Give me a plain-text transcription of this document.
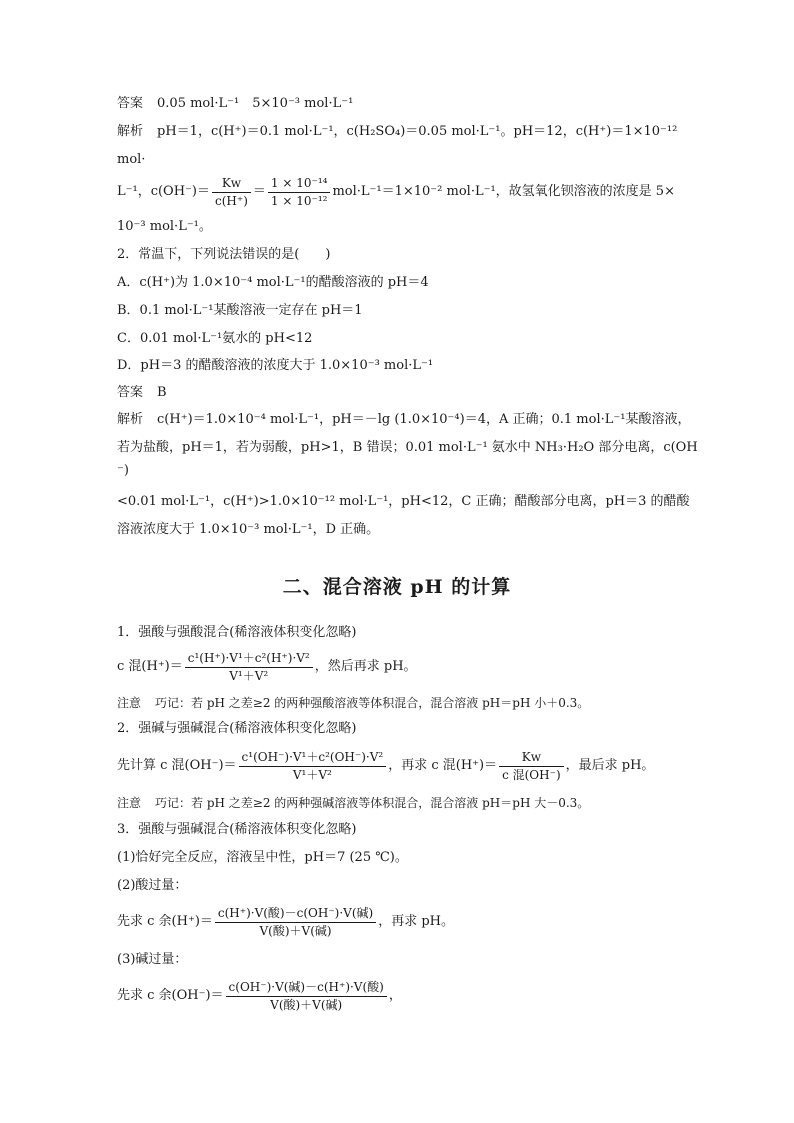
答案 0.05 mol·L⁻¹　5×10⁻³ mol·L⁻¹
解析 pH＝1，c(H⁺)＝0.1 mol·L⁻¹，c(H₂SO₄)＝0.05 mol·L⁻¹。pH＝12，c(H⁺)＝1×10⁻¹²
mol·
L⁻¹，$c(OH^-)= \frac{Kw}{c(H^+)} = \frac{\text{1 × 10⁻¹⁴}}{\text{1 × 10⁻¹²}} mol\cdot L^{-1}=1\times 10^{-2}$ mol·L⁻¹，故氢氧化钡溶液的浓度是 5×
10⁻³ mol·L⁻¹。
2．常温下，下列说法错误的是(　　)
A．c(H⁺)为 1.0×10⁻⁴ mol·L⁻¹的醋酸溶液的 pH＝4
B．0.1 mol·L⁻¹某酸溶液一定存在 pH＝1
C．0.01 mol·L⁻¹氨水的 pH<12
D．pH＝3 的醋酸溶液的浓度大于 1.0×10⁻³ mol·L⁻¹
答案 B
解析 c(H⁺)＝1.0×10⁻⁴ mol·L⁻¹，pH＝－lg (1.0×10⁻⁴)＝4，A 正确；0.1 mol·L⁻¹某酸溶液，
若为盐酸，pH＝1，若为弱酸，pH>1，B 错误；0.01 mol·L⁻¹ 氨水中 NH₃·H₂O 部分电离，c(OH
⁻)
<0.01 mol·L⁻¹，c(H⁺)>1.0×10⁻¹² mol·L⁻¹，pH<12，C 正确；醋酸部分电离，pH＝3 的醋酸
溶液浓度大于 1.0×10⁻³ mol·L⁻¹，D 正确。
二、混合溶液 pH 的计算
1．强酸与强酸混合(稀溶液体积变化忽略)
c 混$(H^+)= \frac{\text{c¹(H⁺)·V¹＋c²(H⁺)·V²}}{\text{V¹＋V²}}$ ，然后再求 pH。
注意 巧记：若 pH 之差≥2 的两种强酸溶液等体积混合，混合溶液 pH＝pH 小＋0.3。
2．强碱与强碱混合(稀溶液体积变化忽略)
先计算 c 混$(OH^-)= \frac{\text{c¹(OH⁻)·V¹＋c²(OH⁻)·V²}}{\text{V¹＋V²}}$ ，再求 c 混$(H^+)= \frac{Kw}{\text{c 混(OH⁻)}}$ ，最后求 pH。
注意 巧记：若 pH 之差≥2 的两种强碱溶液等体积混合，混合溶液 pH＝pH 大－0.3。
3．强酸与强碱混合(稀溶液体积变化忽略)
(1)恰好完全反应，溶液呈中性，pH＝7 (25 ℃)。
(2)酸过量：
先求 c 余$(H^+)= \frac{\text{c(H⁺)·V(酸)－c(OH⁻)·V(碱)}}{\text{V(酸)＋V(碱)}}$ ，再求 pH。
(3)碱过量：
先求 c 余$(OH^-)= \frac{\text{c(OH⁻)·V(碱)－c(H⁺)·V(酸)}}{\text{V(酸)＋V(碱)}}$ ，
